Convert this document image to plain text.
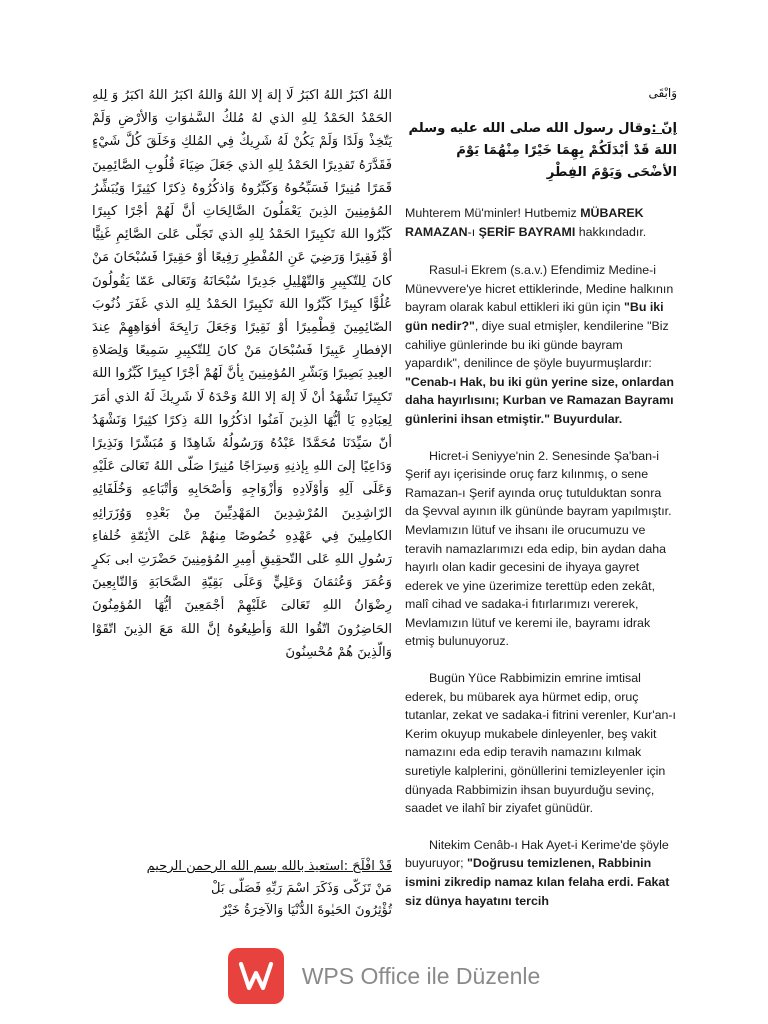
اللهُ اكبَرُ اللهُ اكبَرُ لَا إلهَ إلا اللهُ وَاللهُ اكبَرُ اللهُ اكبَرُ وَ لِلهِ الحَمْدُ الحَمْدُ لِلهِ الذي لهُ مُلكُ السَّمٰوَاتِ وَالأرْضِ وَلَمْ يَتّخِذْ وَلَدًا وَلَمْ يَكُنْ لَهُ شَرِيكٌ فِي المُلكِ وَخَلَقَ كُلَّ شَيْءٍ فَقَدَّرَهُ تَقدِيرًا الحَمْدُ لِلهِ الذي جَعَلَ ضِيَاءَ قُلُوبِ الصَّائِمِينَ قَمَرًا مُنِيرًا فَسَبِّحُوهُ وَكَبِّرُوهُ وَاذكُرُوهُ ذِكرًا كثِيرًا وَيُبَشِّرُ المُؤمِنِينَ الذِينَ يَعْمَلُونَ الصَّالِحَاتِ أنَّ لَهُمْ أجْرًا كبِيرًا كَبِّرُوا اللهَ تَكبِيرًا الحَمْدُ لِلهِ الذي تَجَلّى عَلىَ الصَّائِمِ غَنِيًّا أوْ فَقِيرًا وَرَضِيَ عَنِ المُفْطِرِ رَفِيعًا أوْ حَقِيرًا فَسُبْحَانَ مَنْ كانَ لِلتّكبِيرِ وَالتّهْلِيلِ جَدِيرًا سُبْحَانَهُ وَتَعَالى عَمّا يَقُولُونَ عُلُوًّا كبِيرًا كَبِّرُوا اللهَ تَكبِيرًا الحَمْدُ لِلهِ الذي غَفَرَ ذُنُوبَ الصّائِمِينَ قِطْمِيرًا أوْ نَقِيرًا وَجَعَلَ رَايِحَةَ أفوَاهِهِمْ عِندَ الإفطارِ عَبِيرًا فَسُبْحَانَ مَنْ كانَ لِلتّكبِيرِ سَمِيعًا وَلِصَلاةِ العِيدِ بَصِيرًا وَبَشّرِ المُؤمِنِينَ بِأنَّ لَهُمْ أجْرًا كبِيرًا كَبِّرُوا اللهَ تَكبِيرًا نَشْهَدُ أنْ لَا إلهَ إلا اللهُ وَحْدَهُ لَا شَرِيكَ لَهُ الذي أمَرَ لِعِبَادِهِ يَا أيُّهَا الذِينَ آمَنُوا اذكُرُوا اللهَ ذِكرًا كثِيرًا وَنَشْهَدُ أنّ سَيِّدَنَا مُحَمَّدًا عَبْدُهُ وَرَسُولُهُ شَاهِدًا وَ مُبَشّرًا وَنَذِيرًا وَدَاعِيًا إلىَ اللهِ بِإذنِهِ وَسِرَاجًا مُنِيرًا صَلّى اللهُ تَعَالىَ عَلَيْهِ وَعَلَى آلِهِ وَأوْلَادِهِ وَأزْوَاجِهِ وَأصْحَابِهِ وَأتْبَاعِهِ وَخُلَفَائِهِ الرّاشِدِينَ المُرْشِدِينَ المَهْدِيِّينَ مِنْ بَعْدِهِ وَوُزَرَائِهِ الكامِلِينَ فِي عَهْدِهِ خُصُوصًا مِنهُمْ عَلىَ الأئِمّةِ خُلفاءِ رَسُولِ اللهِ عَلى التّحقِيقِ أمِيرِ المُؤمِنِينَ حَضْرَتِ ابى بَكرٍ وَعُمَرَ وَعُثمَانَ وَعَلِيٍّ وَعَلَى بَقِيّةِ الصَّحَابَةِ وَالتّابِعِينَ رِضْوَانُ اللهِ تَعَالىَ عَلَيْهِمْ أجْمَعِينَ أيُّهَا المُؤمِنُونَ الحَاضِرُونَ اتّقُوا اللهَ وَأطِيعُوهُ إنَّ اللهَ مَعَ الذِينَ اتّقَوْا وَالّذِينَ هُمْ مُحْسِنُونَ

قَدْ افْلَحَ :استعيذ بالله بسم الله الرحمن الرحيم

مَنْ تَزَكّى وَذَكَرَ اسْمَ رَبِّهِ فَصَلّى بَلْ

تُؤْثِرُونَ الحَيٰوةَ الدُّنْيَا وَالآخِرَةُ خَيْرٌ

وَابْقَى

إنّ :وقال رسول الله صلى الله عليه وسلم اللهَ قَدْ أبْدَلَكُمْ بِهِمَا خَيْرًا مِنْهُمَا يَوْمَ الأضْحَى وَيَوْمَ الفِطْرِ

Muhterem Mü'minler! Hutbemiz MÜBAREK RAMAZAN-ı ŞERİF BAYRAMI hakkındadır.

Rasul-i Ekrem (s.a.v.) Efendimiz Medine-i Münevvere'ye hicret ettiklerinde, Medine halkının bayram olarak kabul ettikleri iki gün için "Bu iki gün nedir?", diye sual etmişler, kendilerine "Biz cahiliye günlerinde bu iki günde bayram yapardık", denilince de şöyle buyurmuşlardır: "Cenab-ı Hak, bu iki gün yerine size, onlardan daha hayırlısını; Kurban ve Ramazan Bayramı günlerini ihsan etmiştir." Buyurdular.

Hicret-i Seniyye'nin 2. Senesinde Şa'ban-i Şerif ayı içerisinde oruç farz kılınmış, o sene Ramazan-ı Şerif ayında oruç tutulduktan sonra da Şevval ayının ilk gününde bayram yapılmıştır. Mevlamızın lütuf ve ihsanı ile orucumuzu ve teravih namazlarımızı eda edip, bin aydan daha hayırlı olan kadir gecesini de ihyaya gayret ederek ve yine üzerimize terettüp eden zekât, malî cihad ve sadaka-i fıtırlarımızı vererek, Mevlamızın lütuf ve keremi ile, bayramı idrak etmiş bulunuyoruz.

Bugün Yüce Rabbimizin emrine imtisal ederek, bu mübarek aya hürmet edip, oruç tutanlar, zekat ve sadaka-i fitrini verenler, Kur'an-ı Kerim okuyup mukabele dinleyenler, beş vakit namazını eda edip teravih namazını kılmak suretiyle kalplerini, gönüllerini temizleyenler için dünyada Rabbimizin ihsan buyurduğu sevinç, saadet ve ilahî bir ziyafet günüdür.

Nitekim Cenâb-ı Hak Ayet-i Kerime'de şöyle buyuruyor; "Doğrusu temizlenen, Rabbinin ismini zikredip namaz kılan felaha erdi. Fakat siz dünya hayatını tercih

WPS Office ile Düzenle
